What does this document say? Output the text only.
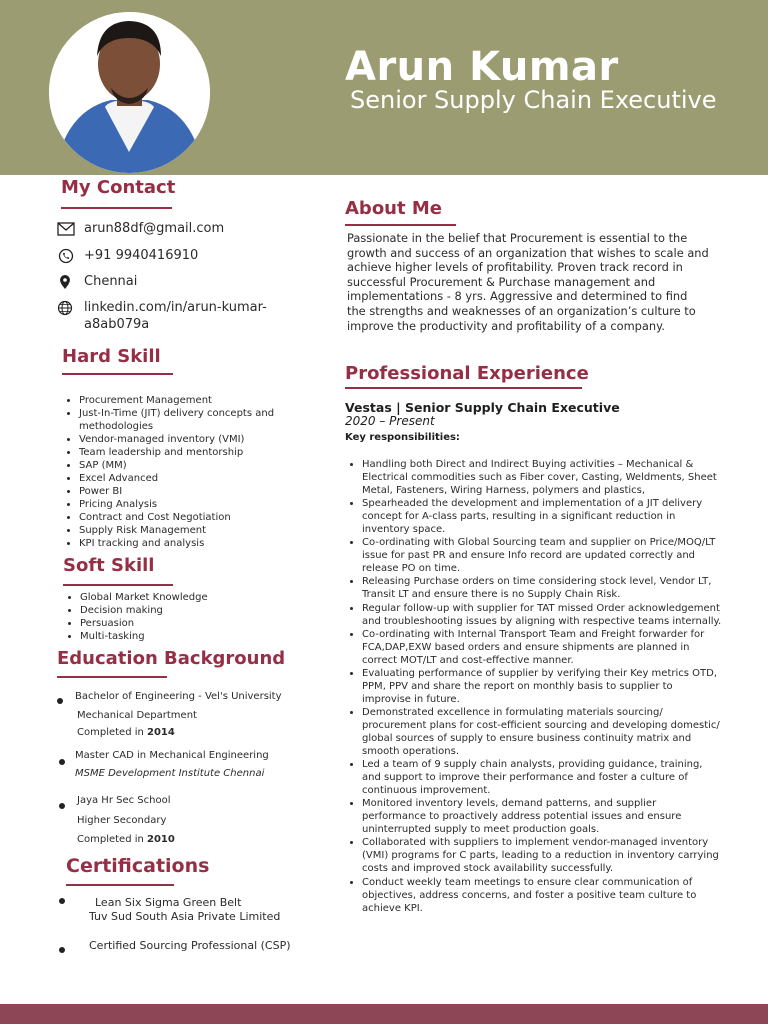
Arun Kumar
Senior Supply Chain Executive
My Contact
arun88df@gmail.com
+91 9940416910
Chennai
linkedin.com/in/arun-kumar-
a8ab079a
Hard Skill
• Procurement Management
• Just-In-Time (JIT) delivery concepts and methodologies
• Vendor-managed inventory (VMI)
• Team leadership and mentorship
• SAP (MM)
• Excel Advanced
• Power BI
• Pricing Analysis
• Contract and Cost Negotiation
• Supply Risk Management
• KPI tracking and analysis
Soft Skill
• Global Market Knowledge
• Decision making
• Persuasion
• Multi-tasking
Education Background
Bachelor of Engineering - Vel's University
Mechanical Department
Completed in 2014
Master CAD in Mechanical Engineering
MSME Development Institute Chennai
Jaya Hr Sec School
Higher Secondary
Completed in 2010
Certifications
Lean Six Sigma Green Belt
Tuv Sud South Asia Private Limited
Certified Sourcing Professional (CSP)
About Me
Passionate in the belief that Procurement is essential to the growth and success of an organization that wishes to scale and achieve higher levels of profitability. Proven track record in successful Procurement & Purchase management and implementations - 8 yrs. Aggressive and determined to find the strengths and weaknesses of an organization’s culture to improve the productivity and profitability of a company.
Professional Experience
Vestas | Senior Supply Chain Executive
2020 – Present
Key responsibilities:
• Handling both Direct and Indirect Buying activities – Mechanical & Electrical commodities such as Fiber cover, Casting, Weldments, Sheet Metal, Fasteners, Wiring Harness, polymers and plastics,
• Spearheaded the development and implementation of a JIT delivery concept for A-class parts, resulting in a significant reduction in inventory space.
• Co-ordinating with Global Sourcing team and supplier on Price/MOQ/LT issue for past PR and ensure Info record are updated correctly and release PO on time.
• Releasing Purchase orders on time considering stock level, Vendor LT, Transit LT and ensure there is no Supply Chain Risk.
• Regular follow-up with supplier for TAT missed Order acknowledgement and troubleshooting issues by aligning with respective teams internally.
• Co-ordinating with Internal Transport Team and Freight forwarder for FCA,DAP,EXW based orders and ensure shipments are planned in correct MOT/LT and cost-effective manner.
• Evaluating performance of supplier by verifying their Key metrics OTD, PPM, PPV and share the report on monthly basis to supplier to improvise in future.
• Demonstrated excellence in formulating materials sourcing/ procurement plans for cost-efficient sourcing and developing domestic/ global sources of supply to ensure business continuity matrix and smooth operations.
• Led a team of 9 supply chain analysts, providing guidance, training, and support to improve their performance and foster a culture of continuous improvement.
• Monitored inventory levels, demand patterns, and supplier performance to proactively address potential issues and ensure uninterrupted supply to meet production goals.
• Collaborated with suppliers to implement vendor-managed inventory (VMI) programs for C parts, leading to a reduction in inventory carrying costs and improved stock availability successfully.
• Conduct weekly team meetings to ensure clear communication of objectives, address concerns, and foster a positive team culture to achieve KPI.
